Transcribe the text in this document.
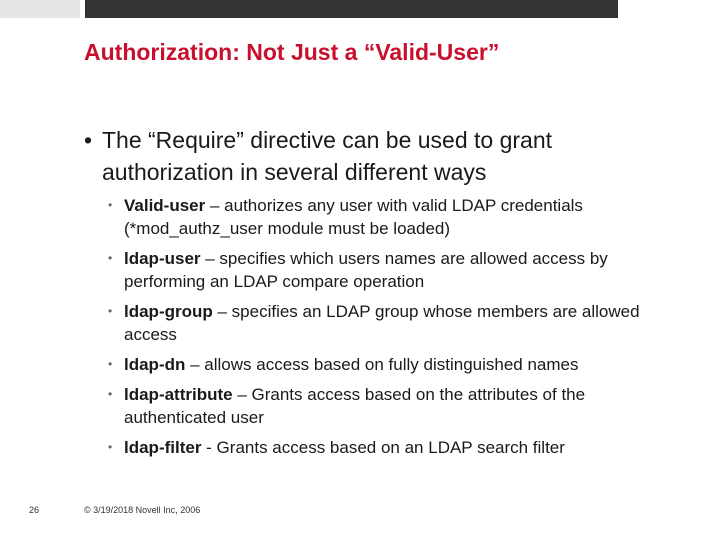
Authorization: Not Just a “Valid-User”
• The “Require” directive can be used to grant authorization in several different ways
• Valid-user – authorizes any user with valid LDAP credentials (*mod_authz_user module must be loaded)
• ldap-user – specifies which users names are allowed access by performing an LDAP compare operation
• ldap-group – specifies an LDAP group whose members are allowed access
• ldap-dn – allows access based on fully distinguished names
• ldap-attribute – Grants access based on the attributes of the authenticated user
• ldap-filter - Grants access based on an LDAP search filter
26	© 3/19/2018 Novell Inc, 2006
